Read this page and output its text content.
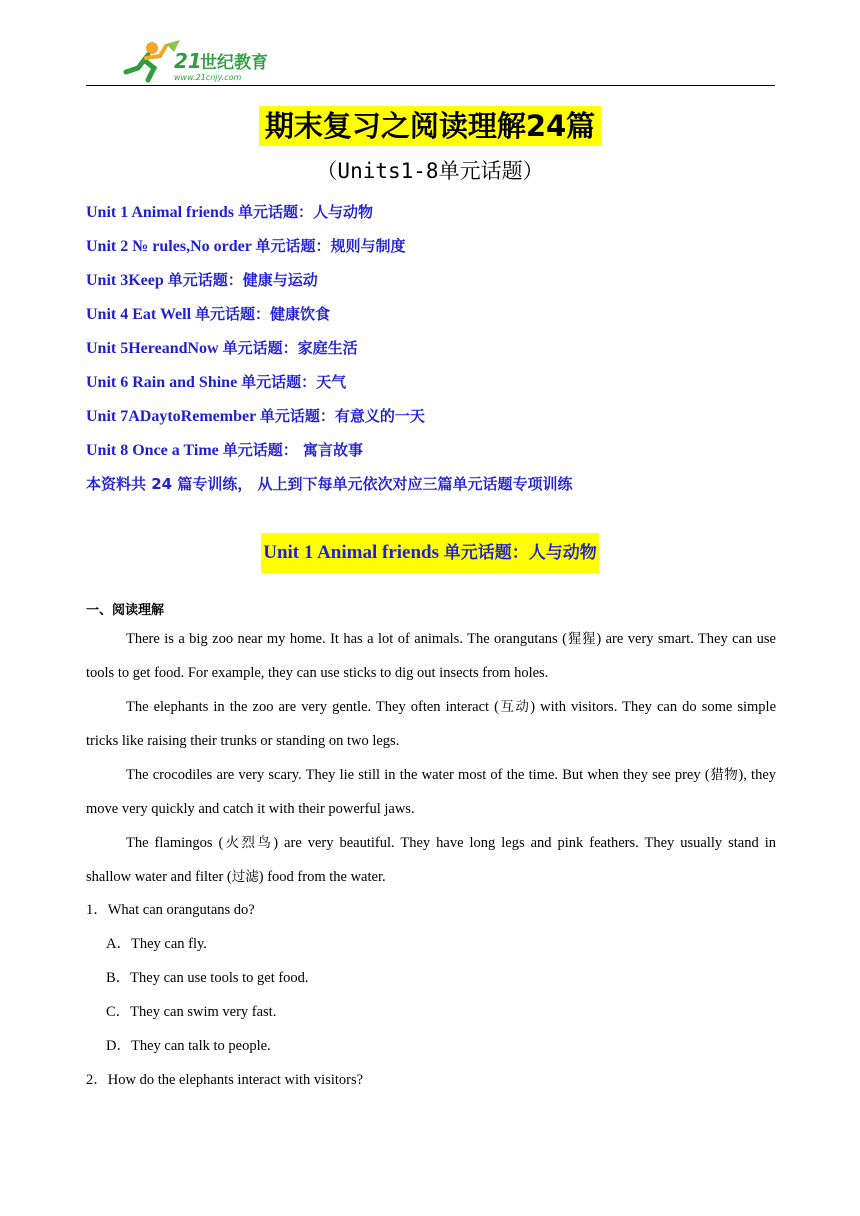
21
世纪教育
www.21cnjy.com
期末复习之阅读理解24篇
（Units1-8单元话题）
Unit 1 Animal friends 单元话题：人与动物
Unit 2 № rules,No order 单元话题：规则与制度
Unit 3Keep 单元话题：健康与运动
Unit 4 Eat Well 单元话题：健康饮食
Unit 5HereandNow 单元话题：家庭生活
Unit 6 Rain and Shine 单元话题：天气
Unit 7ADaytoRemember 单元话题：有意义的一天
Unit 8 Once a Time 单元话题： 寓言故事
本资料共 24 篇专训练， 从上到下每单元依次对应三篇单元话题专项训练
Unit 1 Animal friends 单元话题：人与动物
一、阅读理解

There is a big zoo near my home. It has a lot of animals. The orangutans (猩猩) are very smart. They can use tools to get food. For example, they can use sticks to dig out insects from holes.

The elephants in the zoo are very gentle. They often interact (互动) with visitors. They can do some simple tricks like raising their trunks or standing on two legs.

The crocodiles are very scary. They lie still in the water most of the time. But when they see prey (猎物), they move very quickly and catch it with their powerful jaws.

The flamingos (火烈鸟) are very beautiful. They have long legs and pink feathers. They usually stand in shallow water and filter (过滤) food from the water.

1．What can orangutans do?
A．They can fly.
B．They can use tools to get food.
C．They can swim very fast.
D．They can talk to people.
2．How do the elephants interact with visitors?
